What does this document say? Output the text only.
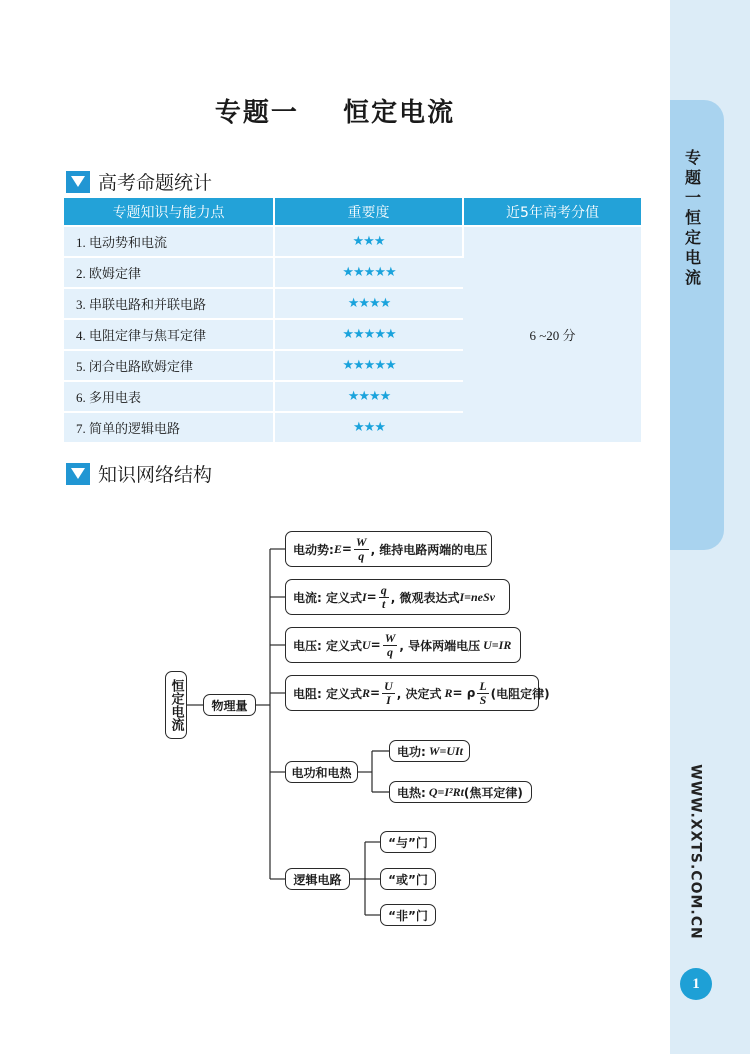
专题一 恒定电流
WWW.XXTS.COM.CN
1
专题一    恒定电流
高考命题统计
专题知识与能力点	重要度	近5年高考分值
1. 电动势和电流	★★★	6 ~20 分
2. 欧姆定律	★★★★★	
3. 串联电路和并联电路	★★★★	
4. 电阻定律与焦耳定律	★★★★★	
5. 闭合电路欧姆定律	★★★★★	
6. 多用电表	★★★★	
7. 简单的逻辑电路	★★★	
知识网络结构
恒定电流	物理量
电动势: $E = \frac{W}{q}$ , 维持电路两端的电压
电流: 定义式 $I = \frac{q}{t}$ , 微观表达式 I=neSv
电压: 定义式 $U = \frac{W}{q}$ , 导体两端电压 U=IR
电阻: 定义式 $R = \frac{U}{I}$ , 决定式 R = ρ $\frac{L}{S}$ (电阻定律)
电功和电热
电功: W=UIt
电热: Q=I²Rt (焦耳定律)
逻辑电路
“与”门
“或”门
“非”门
